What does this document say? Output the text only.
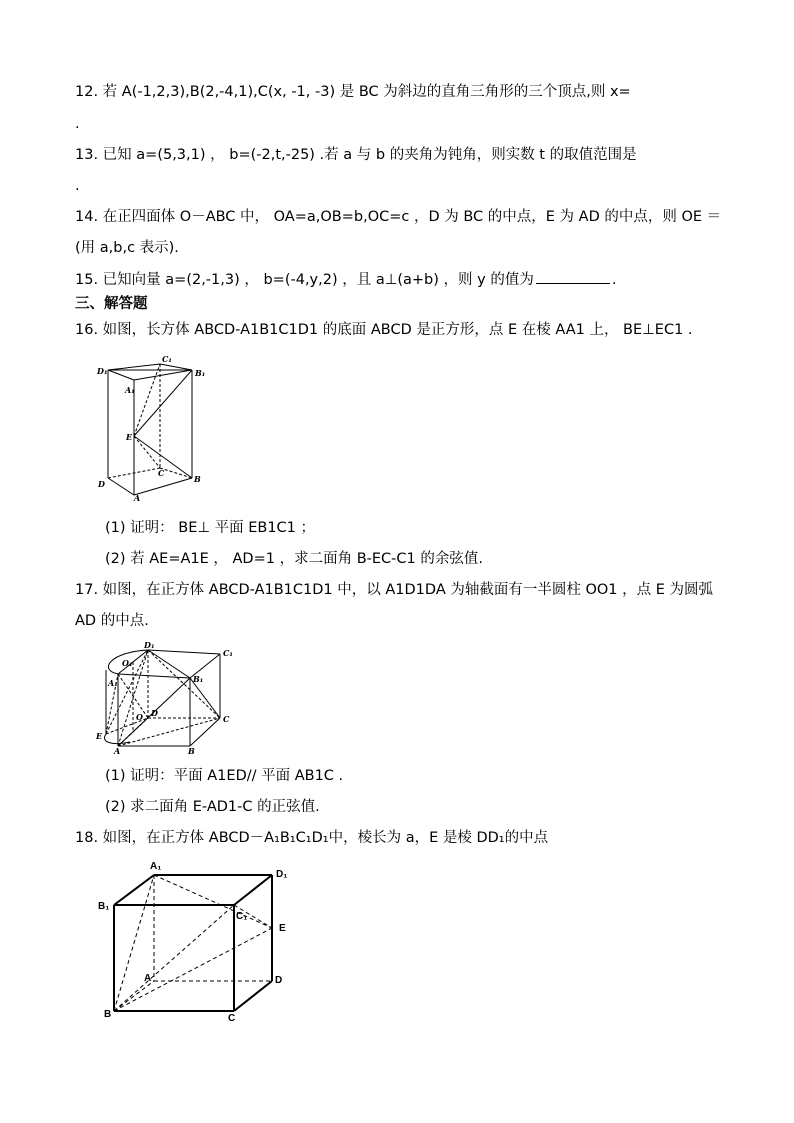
12. 若 A(-1,2,3),B(2,-4,1),C(x, -1, -3) 是 BC 为斜边的直角三角形的三个顶点,则 x=
.
13. 已知 a=(5,3,1) ， b=(-2,t,-25) .若 a 与 b 的夹角为钝角，则实数 t 的取值范围是
.
14. 在正四面体 O－ABC 中， OA=a,OB=b,OC=c ，D 为 BC 的中点，E 为 AD 的中点，则 OE ＝
(用 a,b,c 表示).
15. 已知向量 a=(2,-1,3) ， b=(-4,y,2) ，且 a⊥(a+b) ，则 y 的值为	.
三、解答题
16. 如图，长方体 ABCD-A1B1C1D1 的底面 ABCD 是正方形，点 E 在棱 AA1 上， BE⊥EC1 .
D₁
C₁
B₁
A₁
E
C
D
A
B
(1) 证明： BE⊥ 平面 EB1C1 ；
(2) 若 AE=A1E ， AD=1 ，求二面角 B-EC-C1 的余弦值.
17. 如图，在正方体 ABCD-A1B1C1D1 中，以 A1D1DA 为轴截面有一半圆柱 OO1 ，点 E 为圆弧
AD 的中点.
D₁
C₁
O₁
A₁	B₁
O D
C
E
A	B
(1) 证明：平面 A1ED// 平面 AB1C .
(2) 求二面角 E-AD1-C 的正弦值.
18. 如图，在正方体 ABCD－A₁B₁C₁D₁中，棱长为 a，E 是棱 DD₁的中点
A₁
D₁
B₁
C₁
E
A	D
B	C
